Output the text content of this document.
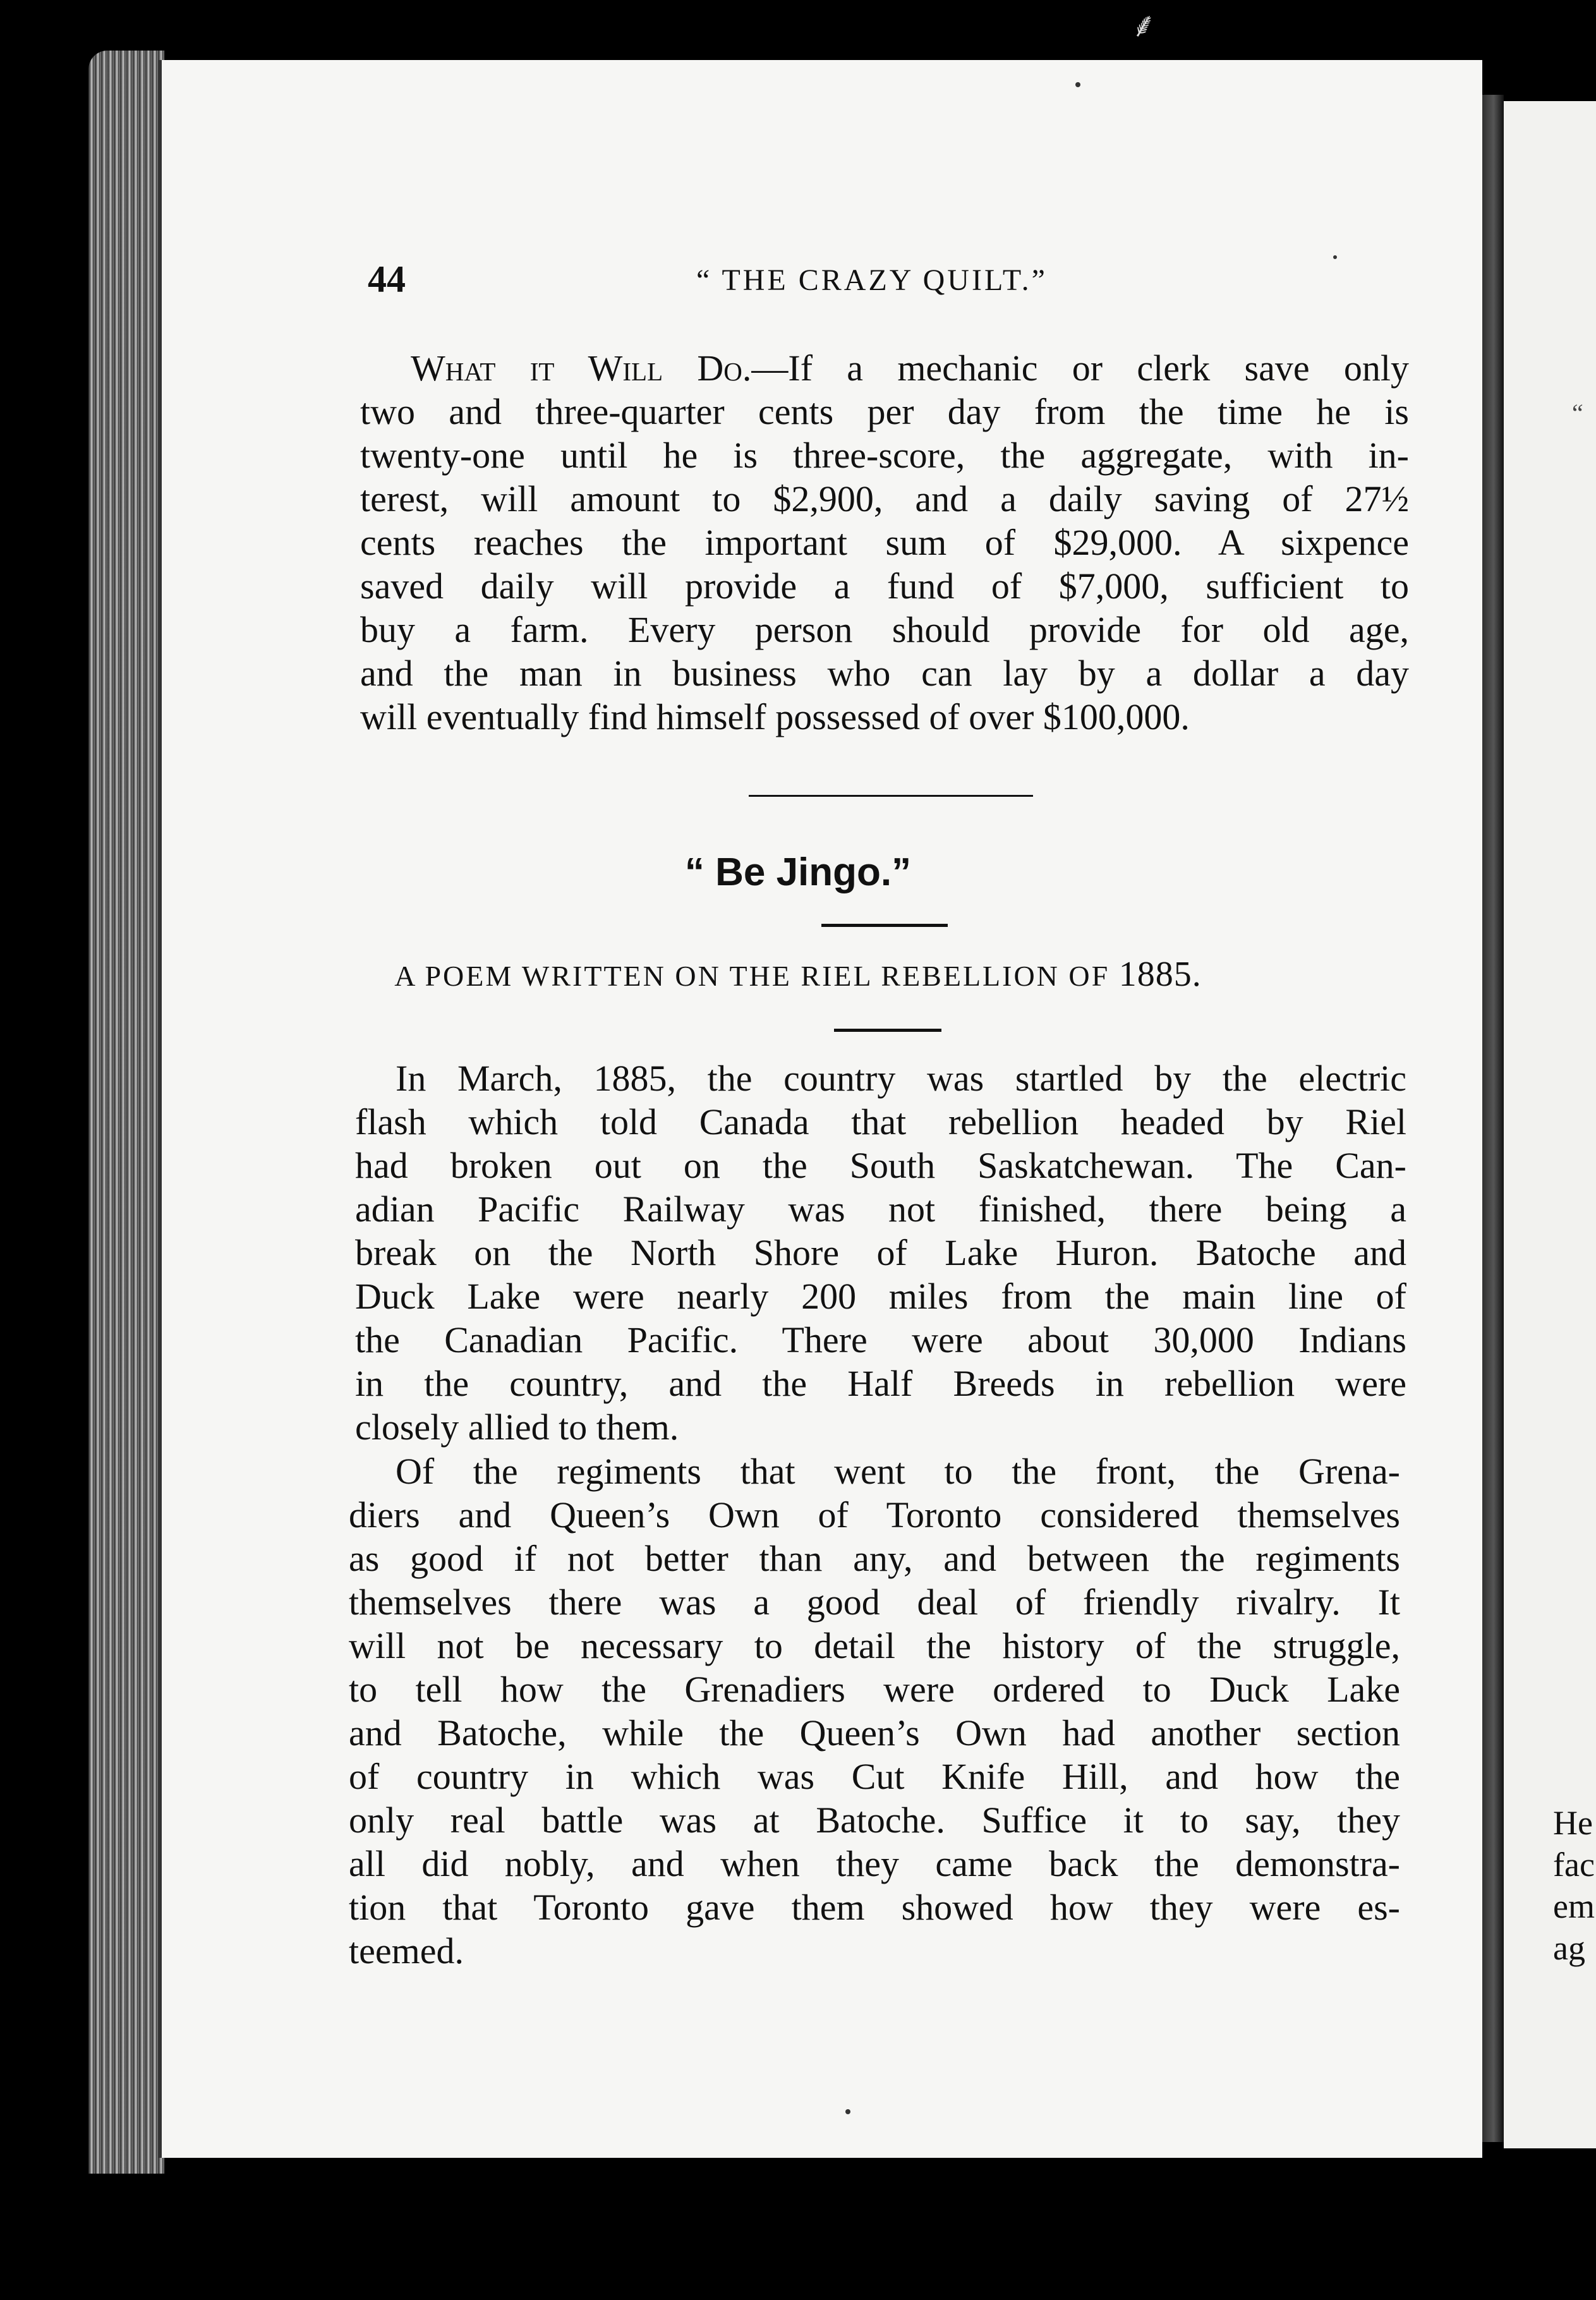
⸙
“
He
fac
em
ag
44	“ THE CRAZY QUILT.”
What it Will Do.—If a mechanic or clerk save only
two and three-quarter cents per day from the time he is
twenty-one until he is three-score, the aggregate, with in-
terest, will amount to $2,900, and a daily saving of 27½
cents reaches the important sum of $29,000. A sixpence
saved daily will provide a fund of $7,000, sufficient to
buy a farm. Every person should provide for old age,
and the man in business who can lay by a dollar a day
will eventually find himself possessed of over $100,000.
“ Be Jingo.”
A POEM WRITTEN ON THE RIEL REBELLION OF 1885.
In March, 1885, the country was startled by the electric
flash which told Canada that rebellion headed by Riel
had broken out on the South Saskatchewan. The Can-
adian Pacific Railway was not finished, there being a
break on the North Shore of Lake Huron. Batoche and
Duck Lake were nearly 200 miles from the main line of
the Canadian Pacific. There were about 30,000 Indians
in the country, and the Half Breeds in rebellion were
closely allied to them.
Of the regiments that went to the front, the Grena-
diers and Queen’s Own of Toronto considered themselves
as good if not better than any, and between the regiments
themselves there was a good deal of friendly rivalry. It
will not be necessary to detail the history of the struggle,
to tell how the Grenadiers were ordered to Duck Lake
and Batoche, while the Queen’s Own had another section
of country in which was Cut Knife Hill, and how the
only real battle was at Batoche. Suffice it to say, they
all did nobly, and when they came back the demonstra-
tion that Toronto gave them showed how they were es-
teemed.
